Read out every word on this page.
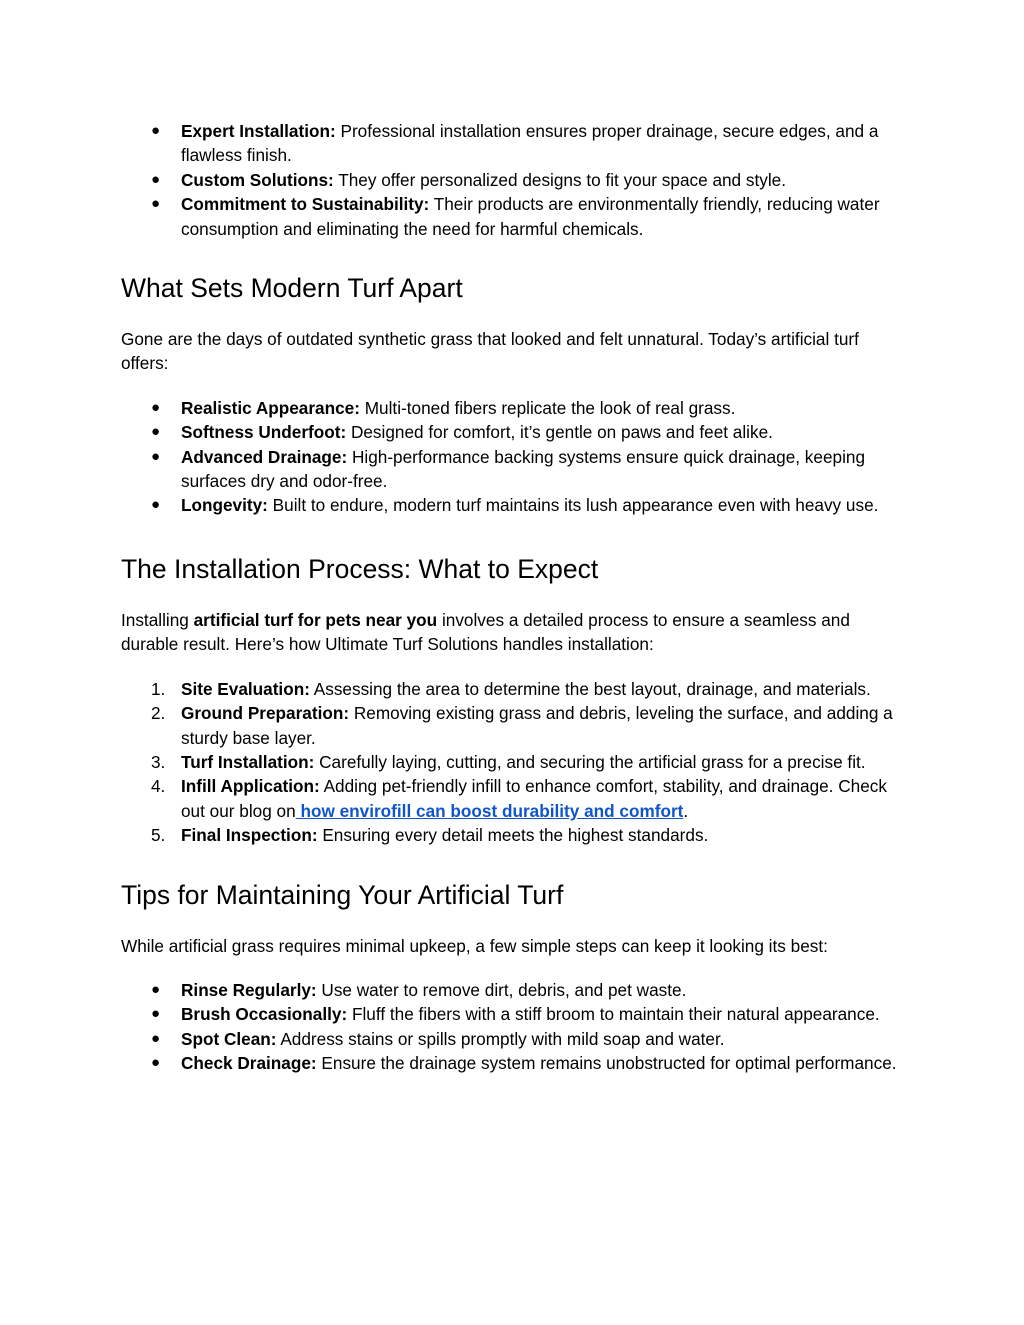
● Expert Installation: Professional installation ensures proper drainage, secure edges, and a flawless finish.
● Custom Solutions: They offer personalized designs to fit your space and style.
● Commitment to Sustainability: Their products are environmentally friendly, reducing water consumption and eliminating the need for harmful chemicals.
What Sets Modern Turf Apart

Gone are the days of outdated synthetic grass that looked and felt unnatural. Today’s artificial turf offers:

● Realistic Appearance: Multi-toned fibers replicate the look of real grass.
● Softness Underfoot: Designed for comfort, it’s gentle on paws and feet alike.
● Advanced Drainage: High-performance backing systems ensure quick drainage, keeping surfaces dry and odor-free.
● Longevity: Built to endure, modern turf maintains its lush appearance even with heavy use.
The Installation Process: What to Expect

Installing artificial turf for pets near you involves a detailed process to ensure a seamless and durable result. Here’s how Ultimate Turf Solutions handles installation:

1. Site Evaluation: Assessing the area to determine the best layout, drainage, and materials.
2. Ground Preparation: Removing existing grass and debris, leveling the surface, and adding a sturdy base layer.
3. Turf Installation: Carefully laying, cutting, and securing the artificial grass for a precise fit.
4. Infill Application: Adding pet-friendly infill to enhance comfort, stability, and drainage. Check out our blog on how envirofill can boost durability and comfort.
5. Final Inspection: Ensuring every detail meets the highest standards.
Tips for Maintaining Your Artificial Turf

While artificial grass requires minimal upkeep, a few simple steps can keep it looking its best:

● Rinse Regularly: Use water to remove dirt, debris, and pet waste.
● Brush Occasionally: Fluff the fibers with a stiff broom to maintain their natural appearance.
● Spot Clean: Address stains or spills promptly with mild soap and water.
● Check Drainage: Ensure the drainage system remains unobstructed for optimal performance.
